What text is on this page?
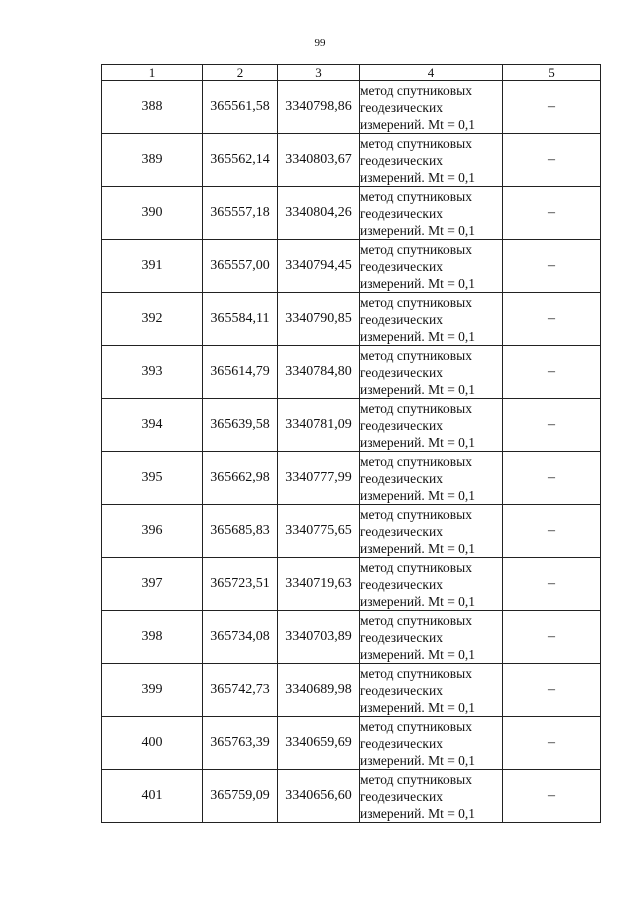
99
1	2	3	4	5
388	365561,58	3340798,86	метод спутниковых
геодезических
измерений. Mt = 0,1	–
389	365562,14	3340803,67	метод спутниковых
геодезических
измерений. Mt = 0,1	–
390	365557,18	3340804,26	метод спутниковых
геодезических
измерений. Mt = 0,1	–
391	365557,00	3340794,45	метод спутниковых
геодезических
измерений. Mt = 0,1	–
392	365584,11	3340790,85	метод спутниковых
геодезических
измерений. Mt = 0,1	–
393	365614,79	3340784,80	метод спутниковых
геодезических
измерений. Mt = 0,1	–
394	365639,58	3340781,09	метод спутниковых
геодезических
измерений. Mt = 0,1	–
395	365662,98	3340777,99	метод спутниковых
геодезических
измерений. Mt = 0,1	–
396	365685,83	3340775,65	метод спутниковых
геодезических
измерений. Mt = 0,1	–
397	365723,51	3340719,63	метод спутниковых
геодезических
измерений. Mt = 0,1	–
398	365734,08	3340703,89	метод спутниковых
геодезических
измерений. Mt = 0,1	–
399	365742,73	3340689,98	метод спутниковых
геодезических
измерений. Mt = 0,1	–
400	365763,39	3340659,69	метод спутниковых
геодезических
измерений. Mt = 0,1	–
401	365759,09	3340656,60	метод спутниковых
геодезических
измерений. Mt = 0,1	–
